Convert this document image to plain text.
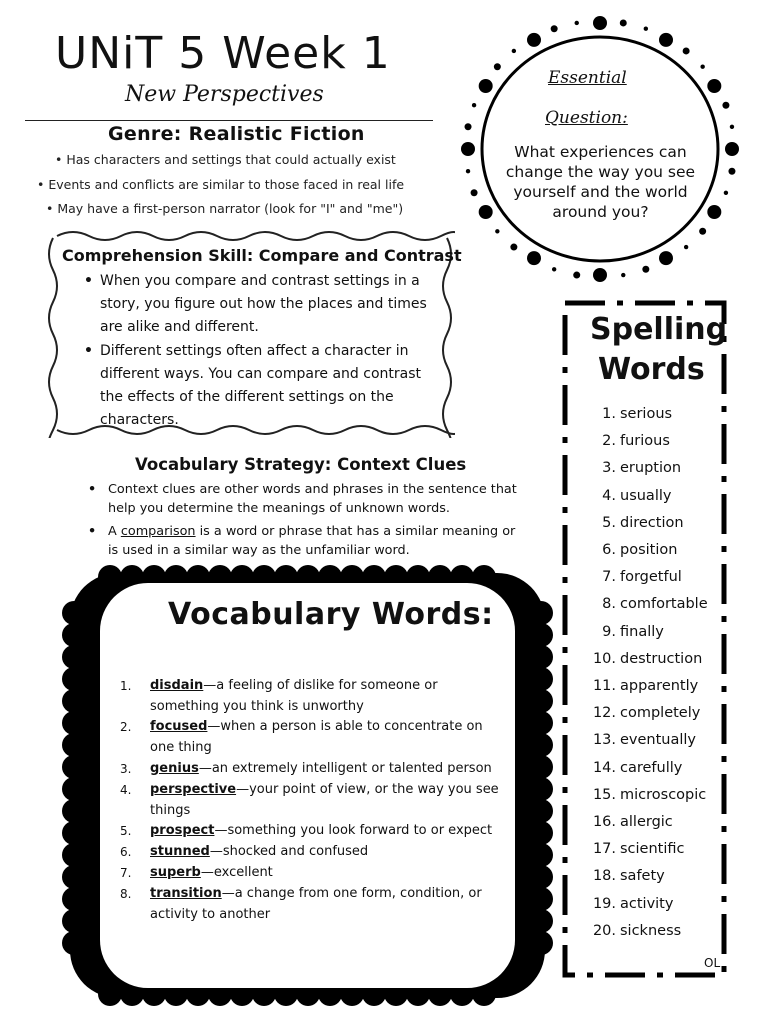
UNiT 5 Week 1
New Perspectives
Genre: Realistic Fiction
• Has characters and settings that could actually exist
• Events and conflicts are similar to those faced in real life
• May have a first-person narrator (look for "I" and "me")
Comprehension Skill: Compare and Contrast
• When you compare and contrast settings in a story, you figure out how the places and times are alike and different.
• Different settings often affect a character in different ways. You can compare and contrast the effects of the different settings on the characters.
Vocabulary Strategy: Context Clues
• Context clues are other words and phrases in the sentence that help you determine the meanings of unknown words.
• A comparison is a word or phrase that has a similar meaning or is used in a similar way as the unfamiliar word.
Vocabulary Words:
1.	disdain—a feeling of dislike for someone or something you think is unworthy
2.	focused—when a person is able to concentrate on one thing
3.	genius—an extremely intelligent or talented person
4.	perspective—your point of view, or the way you see things
5.	prospect—something you look forward to or expect
6.	stunned—shocked and confused
7.	superb—excellent
8.	transition—a change from one form, condition, or activity to another
Essential
Question:
What experiences can change the way you see yourself and the world around you?
Spelling
Words
1. serious
2. furious
3. eruption
4. usually
5. direction
6. position
7. forgetful
8. comfortable
9. finally
10. destruction
11. apparently
12. completely
13. eventually
14. carefully
15. microscopic
16. allergic
17. scientific
18. safety
19. activity
20. sickness
OL
